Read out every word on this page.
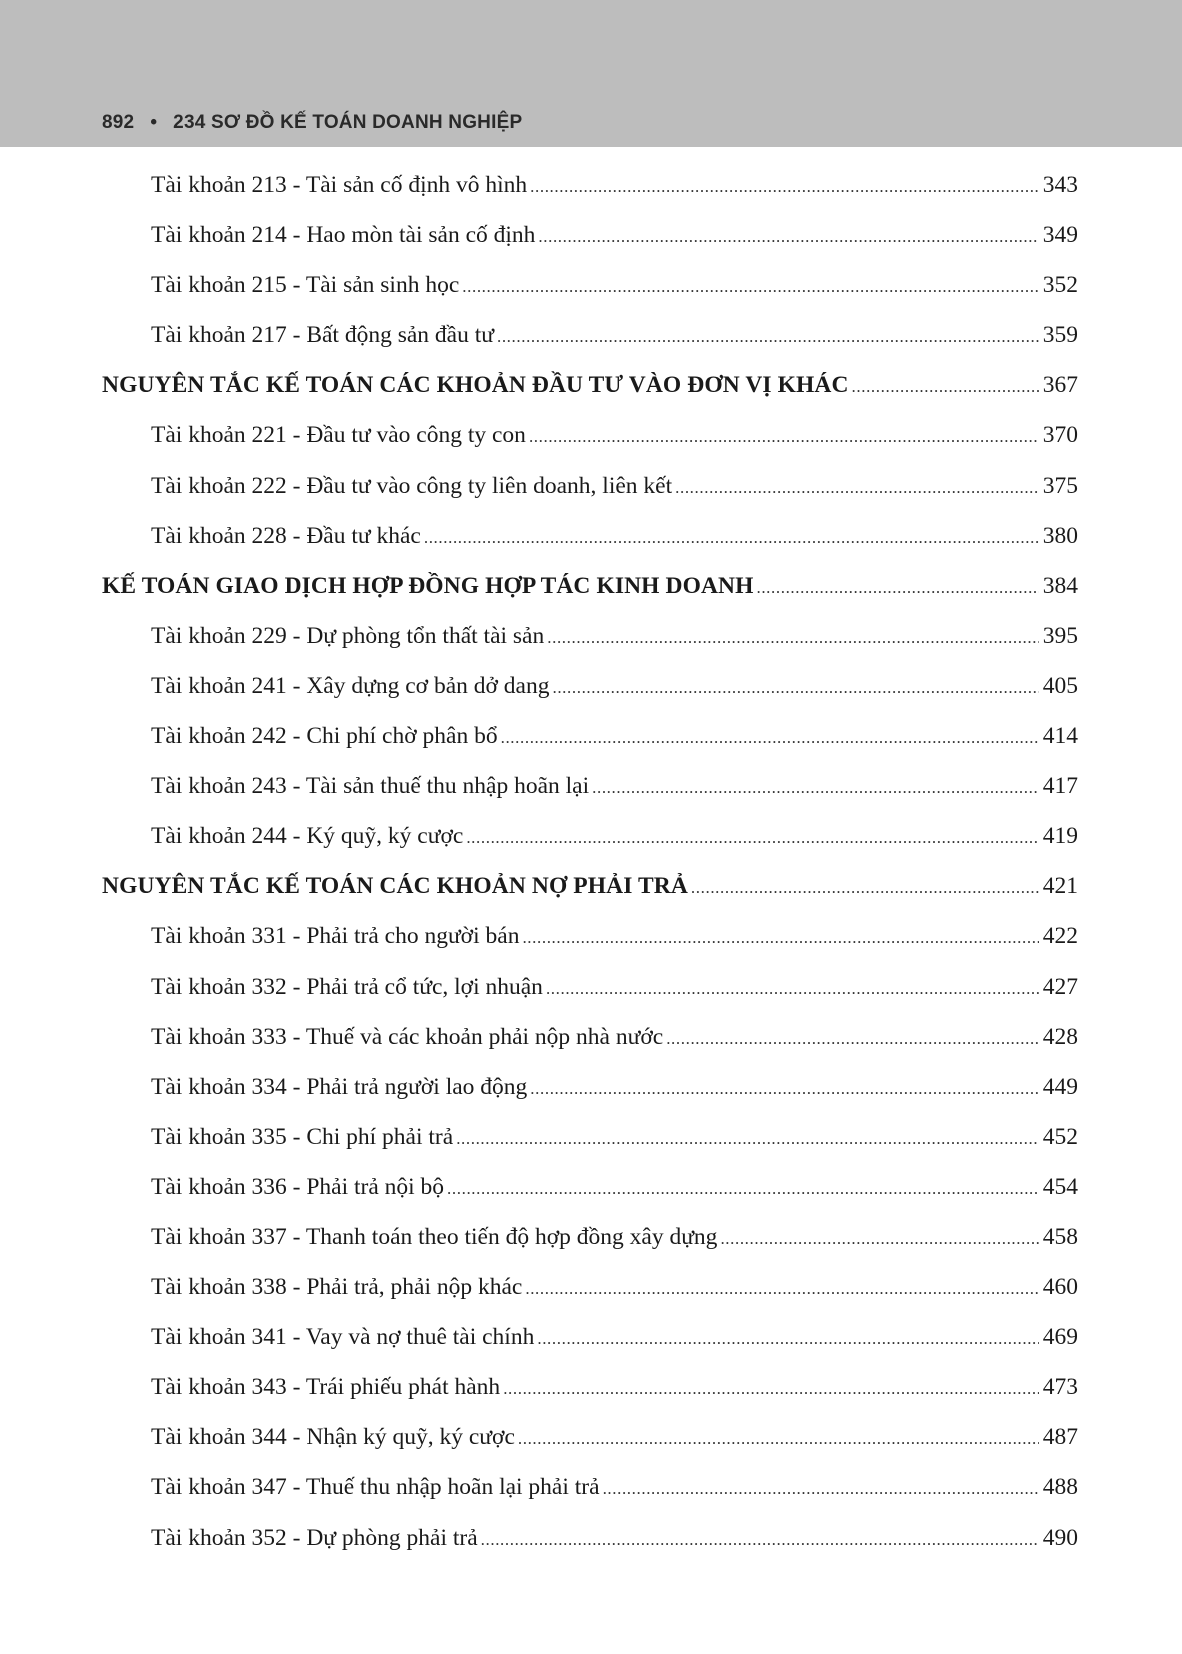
892 • 234 SƠ ĐỒ KẾ TOÁN DOANH NGHIỆP
Tài khoản 213 - Tài sản cố định vô hình .....	343
Tài khoản 214 - Hao mòn tài sản cố định .....	349
Tài khoản 215 - Tài sản sinh học .....	352
Tài khoản 217 - Bất động sản đầu tư .....	359
NGUYÊN TẮC KẾ TOÁN CÁC KHOẢN ĐẦU TƯ VÀO ĐƠN VỊ KHÁC .....	367
Tài khoản 221 - Đầu tư vào công ty con .....	370
Tài khoản 222 - Đầu tư vào công ty liên doanh, liên kết .....	375
Tài khoản 228 - Đầu tư khác .....	380
KẾ TOÁN GIAO DỊCH HỢP ĐỒNG HỢP TÁC KINH DOANH .....	384
Tài khoản 229 - Dự phòng tổn thất tài sản .....	395
Tài khoản 241 - Xây dựng cơ bản dở dang .....	405
Tài khoản 242 - Chi phí chờ phân bổ .....	414
Tài khoản 243 - Tài sản thuế thu nhập hoãn lại .....	417
Tài khoản 244 - Ký quỹ, ký cược .....	419
NGUYÊN TẮC KẾ TOÁN CÁC KHOẢN NỢ PHẢI TRẢ .....	421
Tài khoản 331 - Phải trả cho người bán .....	422
Tài khoản 332 - Phải trả cổ tức, lợi nhuận .....	427
Tài khoản 333 - Thuế và các khoản phải nộp nhà nước .....	428
Tài khoản 334 - Phải trả người lao động .....	449
Tài khoản 335 - Chi phí phải trả .....	452
Tài khoản 336 - Phải trả nội bộ .....	454
Tài khoản 337 - Thanh toán theo tiến độ hợp đồng xây dựng .....	458
Tài khoản 338 - Phải trả, phải nộp khác .....	460
Tài khoản 341 - Vay và nợ thuê tài chính .....	469
Tài khoản 343 - Trái phiếu phát hành .....	473
Tài khoản 344 - Nhận ký quỹ, ký cược .....	487
Tài khoản 347 - Thuế thu nhập hoãn lại phải trả .....	488
Tài khoản 352 - Dự phòng phải trả .....	490
